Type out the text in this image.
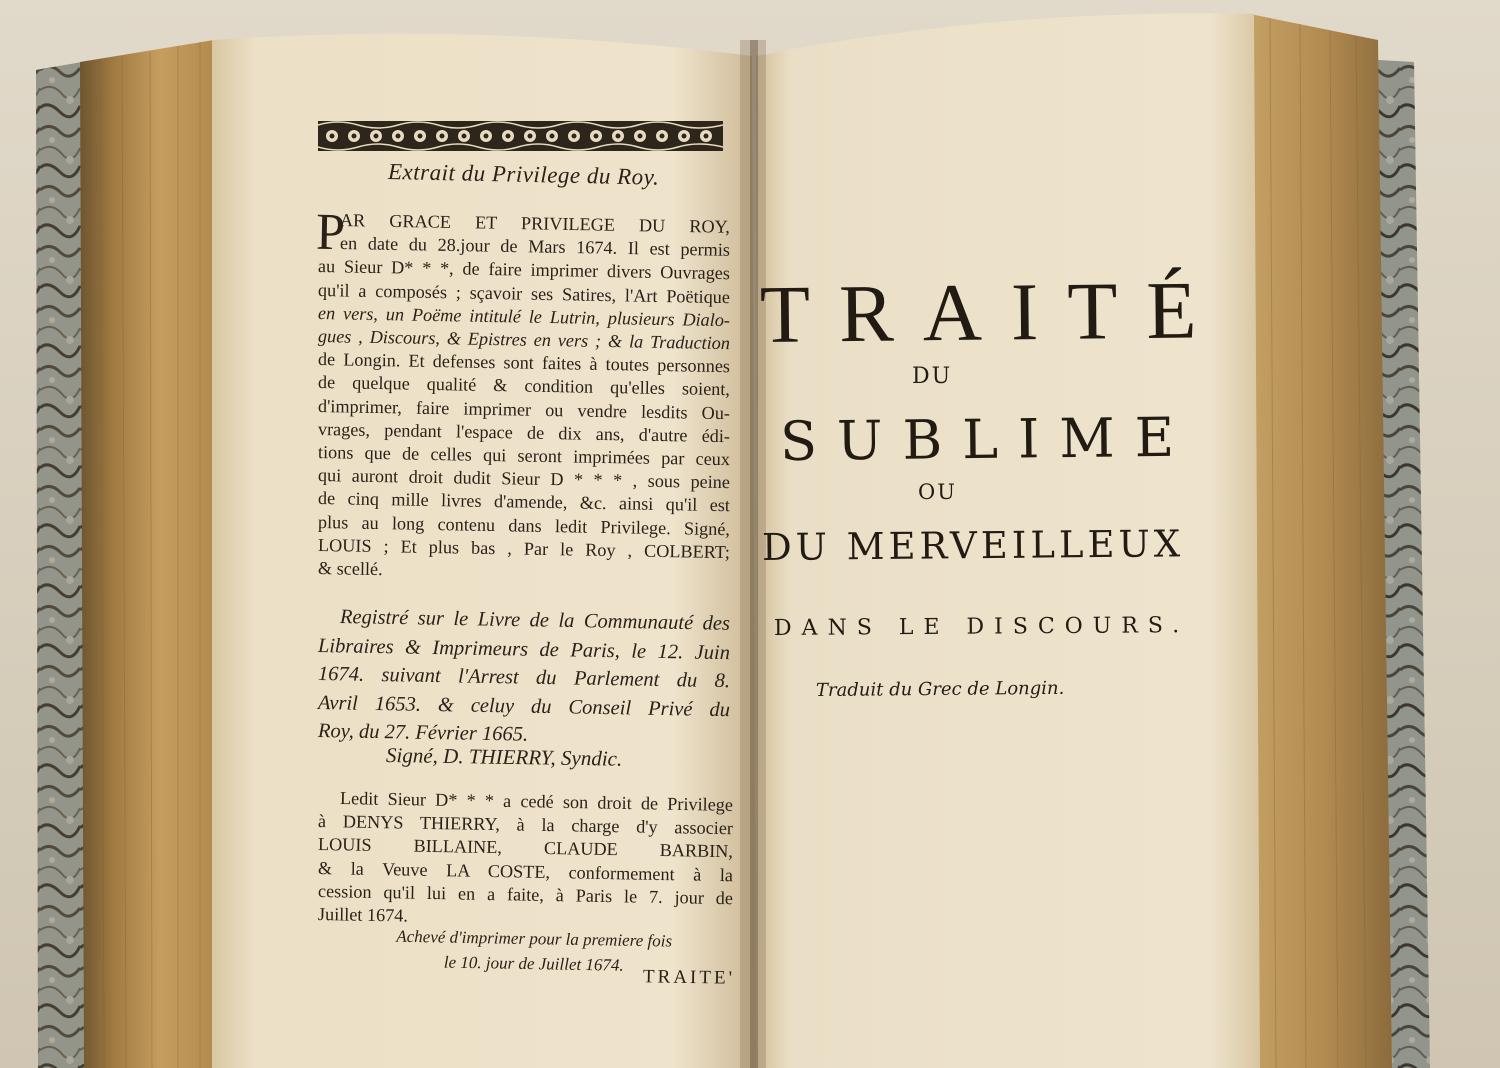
Extrait du Privilege du Roy.
P
AR GRACE ET PRIVILEGE DU ROY,
en date du 28.jour de Mars 1674. Il est permis
au Sieur D* * *, de faire imprimer divers Ouvrages
qu'il a composés ; sçavoir ses Satires, l'Art Poëtique
en vers, un Poëme intitulé le Lutrin, plusieurs Dialo-
gues , Discours, & Epistres en vers ; & la Traduction
de Longin. Et defenses sont faites à toutes personnes
de quelque qualité & condition qu'elles soient,
d'imprimer, faire imprimer ou vendre lesdits Ou-
vrages, pendant l'espace de dix ans, d'autre édi-
tions que de celles qui seront imprimées par ceux
qui auront droit dudit Sieur D * * * , sous peine
de cinq mille livres d'amende, &c. ainsi qu'il est
plus au long contenu dans ledit Privilege. Signé,
LOUIS ; Et plus bas , Par le Roy , COLBERT;
& scellé.
Registré sur le Livre de la Communauté des
Libraires & Imprimeurs de Paris, le 12. Juin
1674. suivant l'Arrest du Parlement du 8.
Avril 1653. & celuy du Conseil Privé du
Roy, du 27. Février 1665.
Signé, D. THIERRY, Syndic.
Ledit Sieur D* * * a cedé son droit de Privilege
à DENYS THIERRY, à la charge d'y associer
LOUIS BILLAINE, CLAUDE BARBIN,
& la Veuve LA COSTE, conformement à la
cession qu'il lui en a faite, à Paris le 7. jour de
Juillet 1674.
Achevé d'imprimer pour la premiere fois
le 10. jour de Juillet 1674.
TRAITE'
TRAITÉ
DU
SUBLIME
OU
DU MERVEILLEUX
DANS LE DISCOURS.
Traduit du Grec de Longin.
